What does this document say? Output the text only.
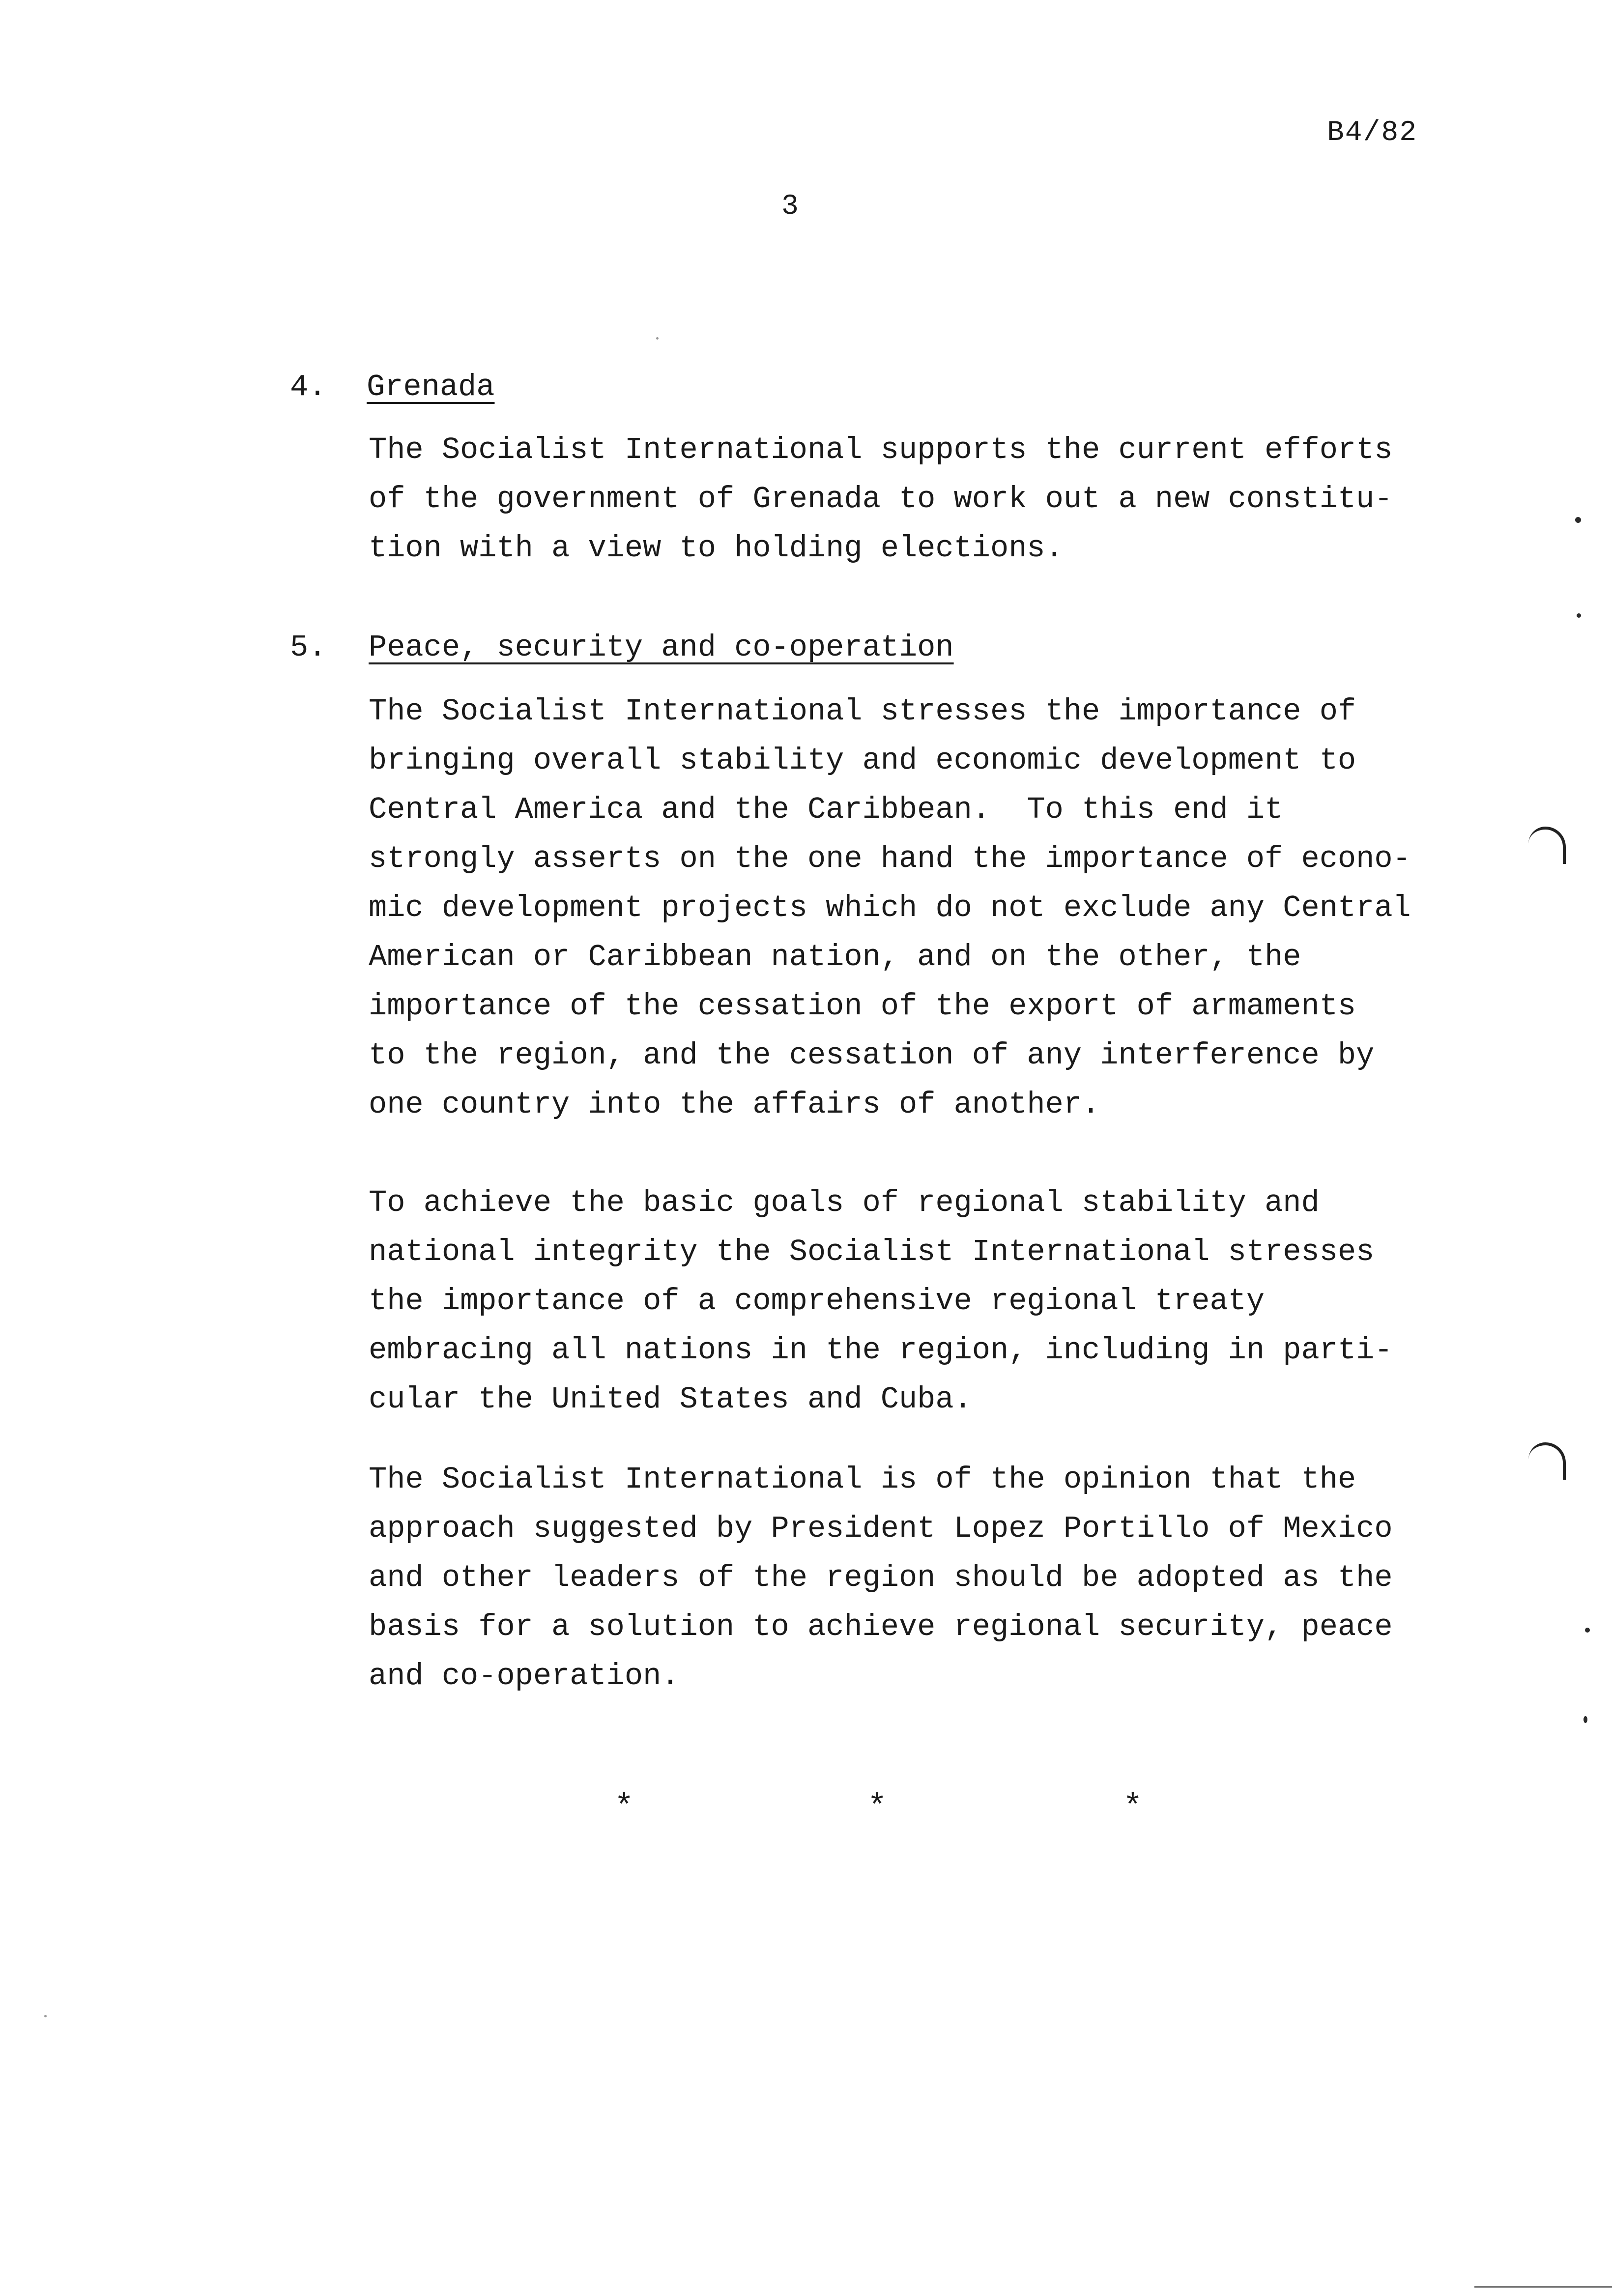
B4/82
3
4. Grenada
The Socialist International supports the current efforts
of the government of Grenada to work out a new constitu-
tion with a view to holding elections.
5. Peace, security and co-operation
The Socialist International stresses the importance of
bringing overall stability and economic development to
Central America and the Caribbean.  To this end it
strongly asserts on the one hand the importance of econo-
mic development projects which do not exclude any Central
American or Caribbean nation, and on the other, the
importance of the cessation of the export of armaments
to the region, and the cessation of any interference by
one country into the affairs of another.
To achieve the basic goals of regional stability and
national integrity the Socialist International stresses
the importance of a comprehensive regional treaty
embracing all nations in the region, including in parti-
cular the United States and Cuba.
The Socialist International is of the opinion that the
approach suggested by President Lopez Portillo of Mexico
and other leaders of the region should be adopted as the
basis for a solution to achieve regional security, peace
and co-operation.
*	*	*
